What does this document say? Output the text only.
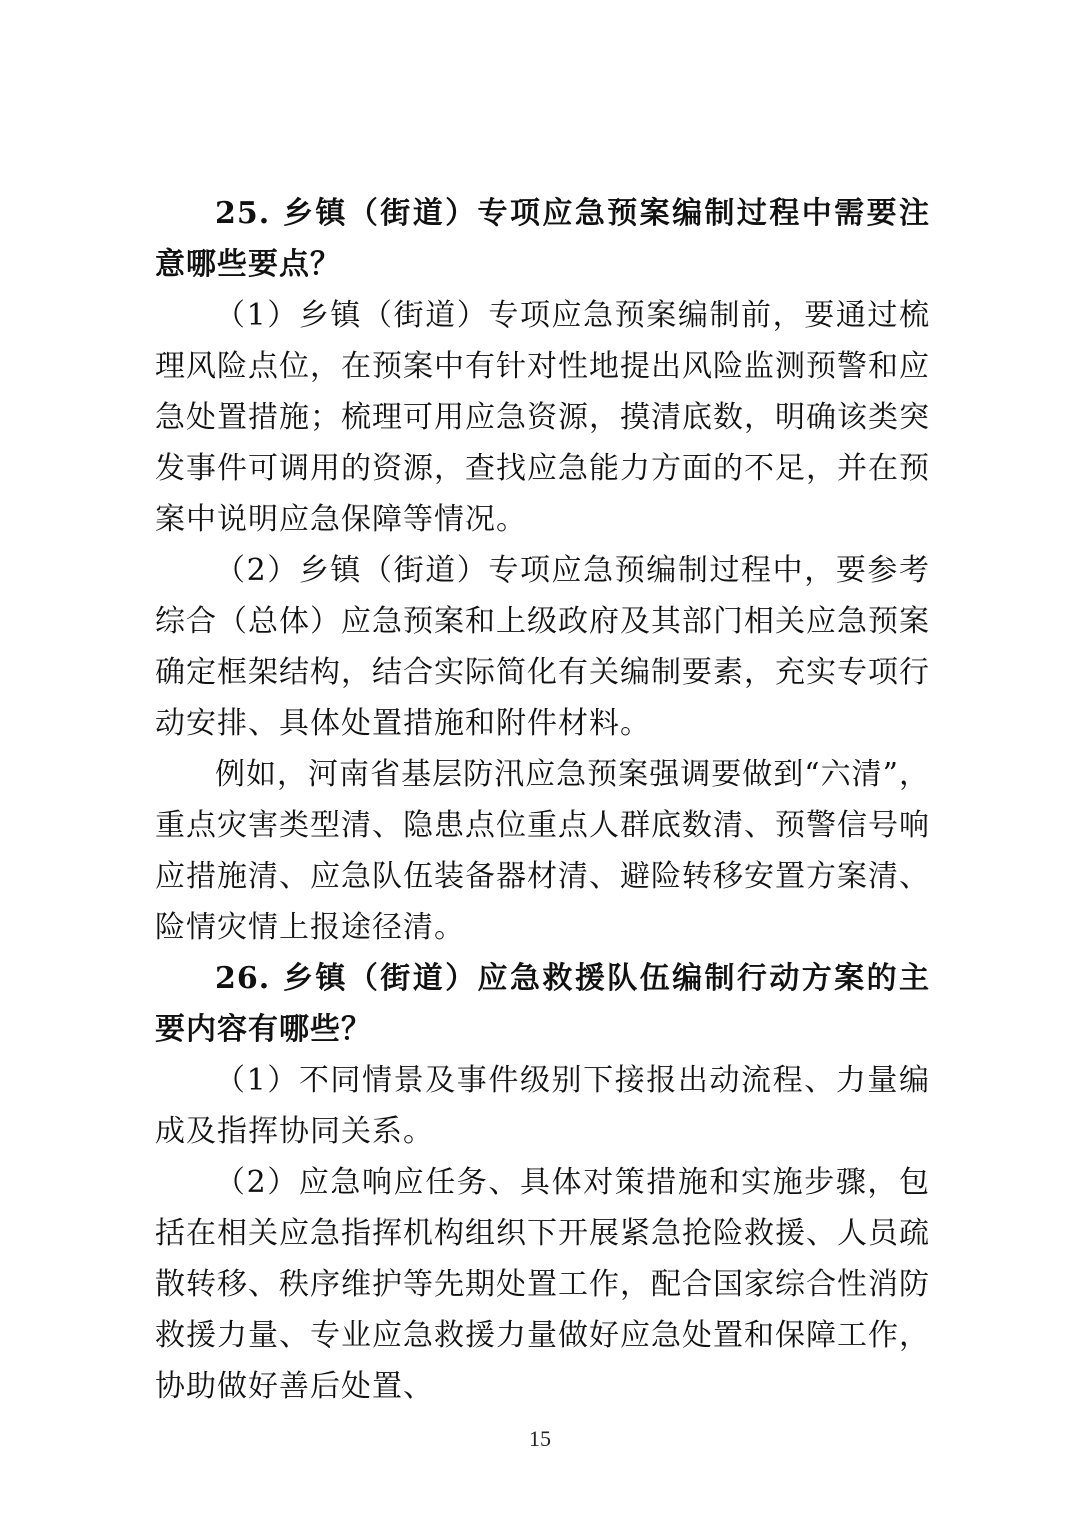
25. 乡镇（街道）专项应急预案编制过程中需要注意哪些要点？

（1）乡镇（街道）专项应急预案编制前，要通过梳理风险点位，在预案中有针对性地提出风险监测预警和应急处置措施；梳理可用应急资源，摸清底数，明确该类突发事件可调用的资源，查找应急能力方面的不足，并在预案中说明应急保障等情况。

（2）乡镇（街道）专项应急预编制过程中，要参考综合（总体）应急预案和上级政府及其部门相关应急预案确定框架结构，结合实际简化有关编制要素，充实专项行动安排、具体处置措施和附件材料。

例如，河南省基层防汛应急预案强调要做到“六清”，重点灾害类型清、隐患点位重点人群底数清、预警信号响应措施清、应急队伍装备器材清、避险转移安置方案清、险情灾情上报途径清。

26. 乡镇（街道）应急救援队伍编制行动方案的主要内容有哪些？

（1）不同情景及事件级别下接报出动流程、力量编成及指挥协同关系。

（2）应急响应任务、具体对策措施和实施步骤，包括在相关应急指挥机构组织下开展紧急抢险救援、人员疏散转移、秩序维护等先期处置工作，配合国家综合性消防救援力量、专业应急救援力量做好应急处置和保障工作，协助做好善后处置、

15
